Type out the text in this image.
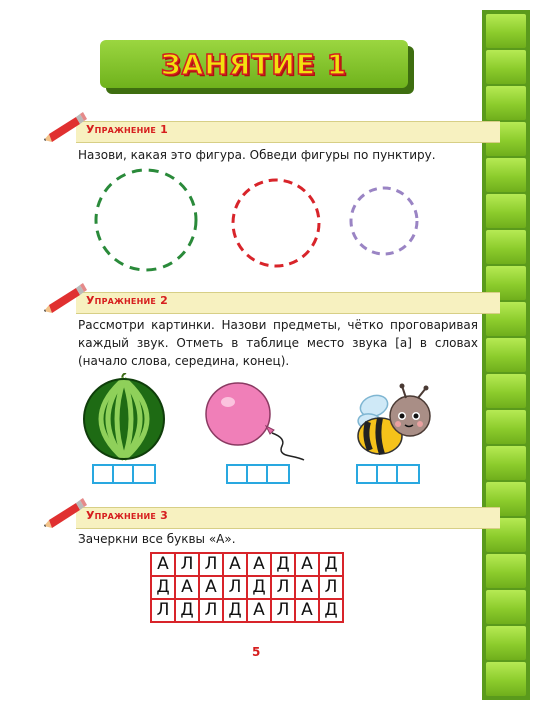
ЗАНЯТИЕ 1
Упражнение 1
Назови, какая это фигура. Обведи фигуры по пунктиру.
Упражнение 2
Рассмотри картинки. Назови предметы, чётко проговаривая каждый звук. Отметь в таблице место звука [а] в словах (начало слова, середина, конец).
Упражнение 3
Зачеркни все буквы «А».
А	Л	Л	А	А	Д	А	Д
Д	А	А	Л	Д	Л	А	Л
Л	Д	Л	Д	А	Л	А	Д
5
